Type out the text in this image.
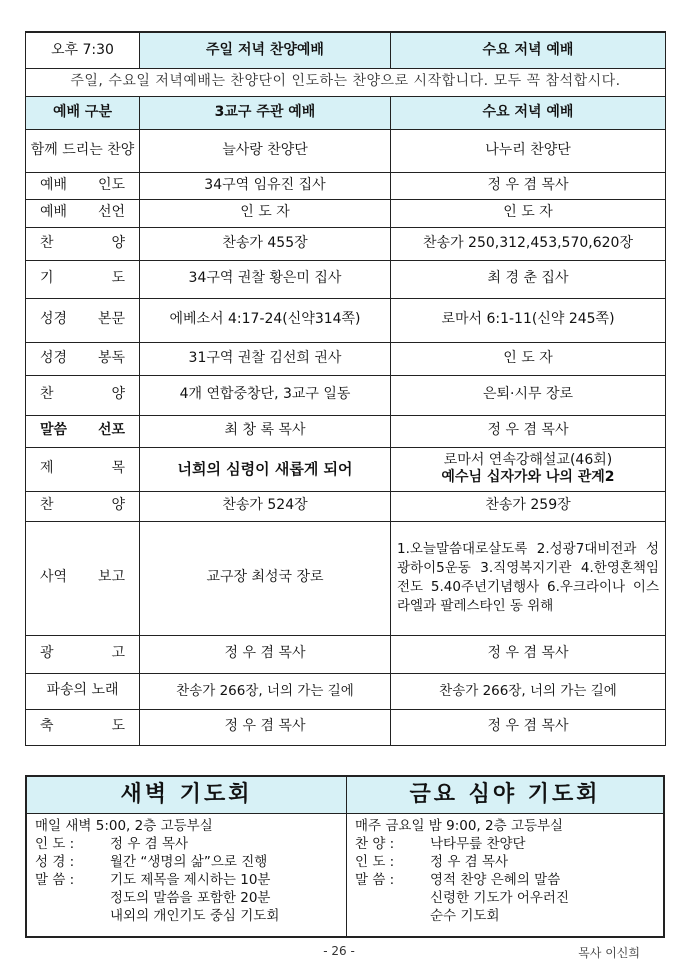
오후 7:30	주일 저녁 찬양예배	수요 저녁 예배
주일, 수요일 저녁예배는 찬양단이 인도하는 찬양으로 시작합니다. 모두 꼭 참석합시다.		
예배 구분	3교구 주관 예배	수요 저녁 예배
함께 드리는 찬양	늘사랑 찬양단	나누리 찬양단
예배 인도	34구역 임유진 집사	정 우 겸 목사
예배 선언	인 도 자	인 도 자
찬 양	찬송가 455장	찬송가 250,312,453,570,620장
기 도	34구역 권찰 황은미 집사	최 경 춘 집사
성경 본문	에베소서 4:17-24(신약314쪽)	로마서 6:1-11(신약 245쪽)
성경 봉독	31구역 권찰 김선희 권사	인 도 자
찬 양	4개 연합중창단, 3교구 일동	은퇴·시무 장로
말씀 선포	최 창 록 목사	정 우 겸 목사
제 목	너희의 심령이 새롭게 되어	로마서 연속강해설교(46회)
예수님 십자가와 나의 관계2

찬 양	찬송가 524장	찬송가 259장
사역 보고	교구장 최성국 장로	1.오늘말씀대로살도록 2.성광7대비전과 성광하이5운동 3.직영복지기관 4.한영혼책임전도 5.40주년기념행사 6.우크라이나 이스라엘과 팔레스타인 동 위해
광 고	정 우 겸 목사	정 우 겸 목사
파송의 노래	찬송가 266장, 너의 가는 길에	찬송가 266장, 너의 가는 길에
축 도	정 우 겸 목사	정 우 겸 목사
새벽 기도회
매일 새벽 5:00, 2층 고등부실
인 도 :	정 우 겸 목사
성 경 :	월간 “생명의 삶”으로 진행
말 씀 :	기도 제목을 제시하는 10분
정도의 말씀을 포함한 20분
내외의 개인기도 중심 기도회
금요 심야 기도회
매주 금요일 밤 9:00, 2층 고등부실
찬 양 :	낙타무릎 찬양단
인 도 :	정 우 겸 목사
말 씀 :	영적 찬양 은혜의 말씀
신령한 기도가 어우러진
순수 기도회
- 26 -	목사 이신희
